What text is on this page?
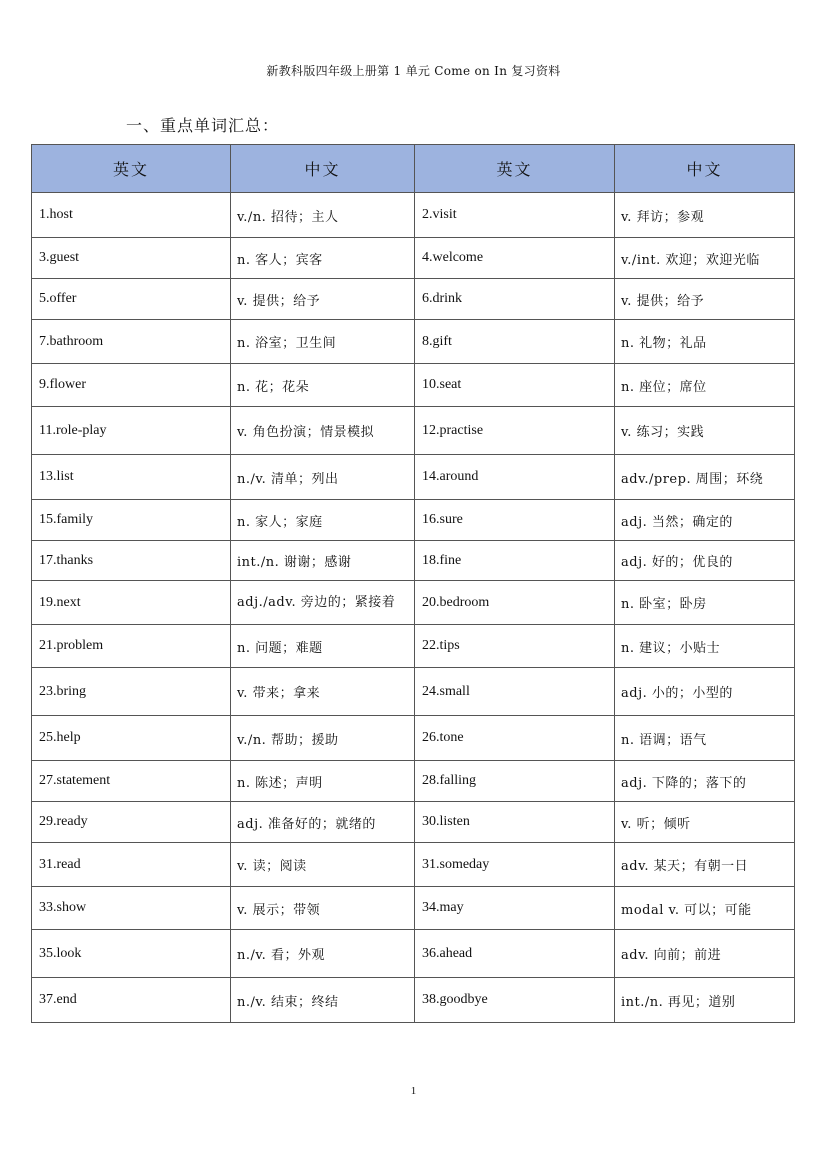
新教科版四年级上册第 1 单元 Come on In 复习资料
一、重点单词汇总：
英文	中文	英文	中文
1.host	v./n. 招待；主人	2.visit	v. 拜访；参观
3.guest	n. 客人；宾客	4.welcome	v./int. 欢迎；欢迎光临
5.offer	v. 提供；给予	6.drink	v. 提供；给予
7.bathroom	n. 浴室；卫生间	8.gift	n. 礼物；礼品
9.flower	n. 花；花朵	10.seat	n. 座位；席位
11.role-play	v. 角色扮演；情景模拟	12.practise	v. 练习；实践
13.list	n./v. 清单；列出	14.around	adv./prep. 周围；环绕
15.family	n. 家人；家庭	16.sure	adj. 当然；确定的
17.thanks	int./n. 谢谢；感谢	18.fine	adj. 好的；优良的
19.next	adj./adv. 旁边的；紧接着	20.bedroom	n. 卧室；卧房
21.problem	n. 问题；难题	22.tips	n. 建议；小贴士
23.bring	v. 带来；拿来	24.small	adj. 小的；小型的
25.help	v./n. 帮助；援助	26.tone	n. 语调；语气
27.statement	n. 陈述；声明	28.falling	adj. 下降的；落下的
29.ready	adj. 准备好的；就绪的	30.listen	v. 听；倾听
31.read	v. 读；阅读	31.someday	adv. 某天；有朝一日
33.show	v. 展示；带领	34.may	modal v. 可以；可能
35.look	n./v. 看；外观	36.ahead	adv. 向前；前进
37.end	n./v. 结束；终结	38.goodbye	int./n. 再见；道别
1
